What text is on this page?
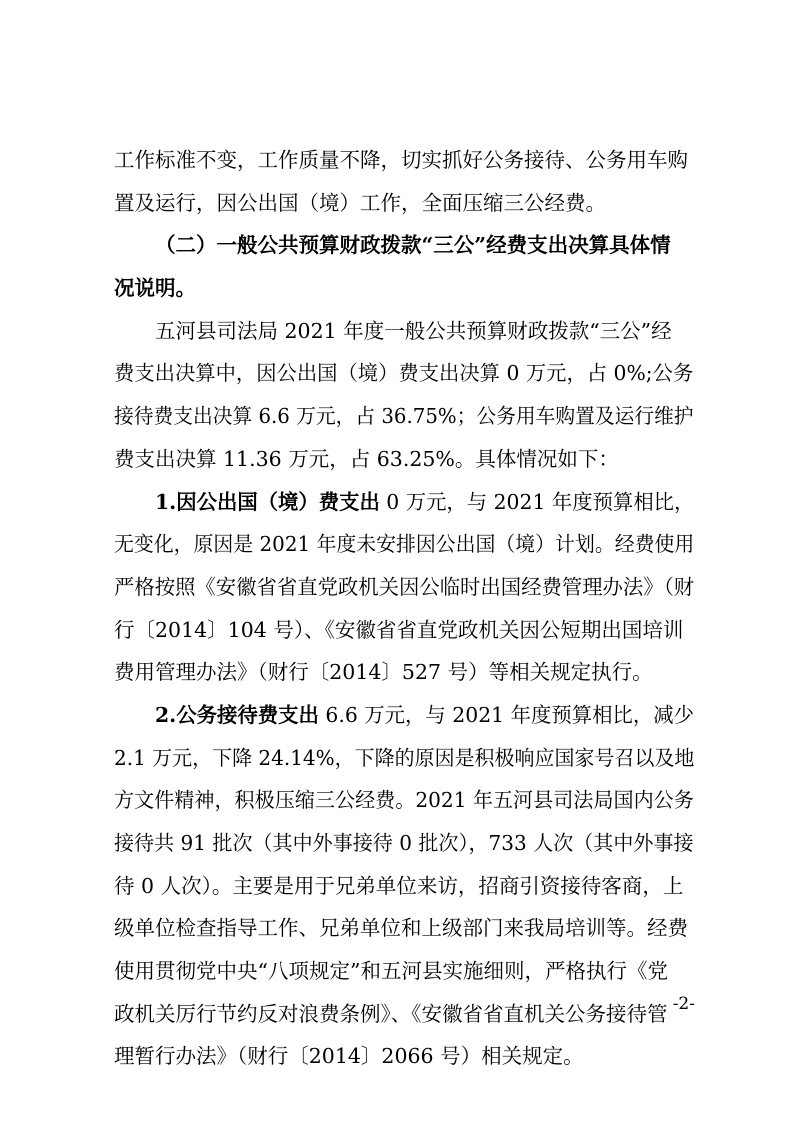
工作标准不变，工作质量不降，切实抓好公务接待、公务用车购
置及运行，因公出国（境）工作，全面压缩三公经费。
（二）一般公共预算财政拨款“三公”经费支出决算具体情
况说明。
五河县司法局 2021 年度一般公共预算财政拨款“三公”经
费支出决算中，因公出国（境）费支出决算 0 万元，占 0%;公务
接待费支出决算 6.6 万元，占 36.75%；公务用车购置及运行维护
费支出决算 11.36 万元，占 63.25%。具体情况如下：
1.因公出国（境）费支出 0 万元，与 2021 年度预算相比，
无变化，原因是 2021 年度未安排因公出国（境）计划。经费使用
严格按照《安徽省省直党政机关因公临时出国经费管理办法》（财
行〔2014〕104 号）、《安徽省省直党政机关因公短期出国培训
费用管理办法》（财行〔2014〕527 号）等相关规定执行。
2.公务接待费支出 6.6 万元，与 2021 年度预算相比，减少
2.1 万元，下降 24.14%，下降的原因是积极响应国家号召以及地
方文件精神，积极压缩三公经费。2021 年五河县司法局国内公务
接待共 91 批次（其中外事接待 0 批次），733 人次（其中外事接
待 0 人次）。主要是用于兄弟单位来访，招商引资接待客商，上
级单位检查指导工作、兄弟单位和上级部门来我局培训等。经费
使用贯彻党中央“八项规定”和五河县实施细则，严格执行《党
政机关厉行节约反对浪费条例》、《安徽省省直机关公务接待管
理暂行办法》（财行〔2014〕2066 号）相关规定。
-2-
